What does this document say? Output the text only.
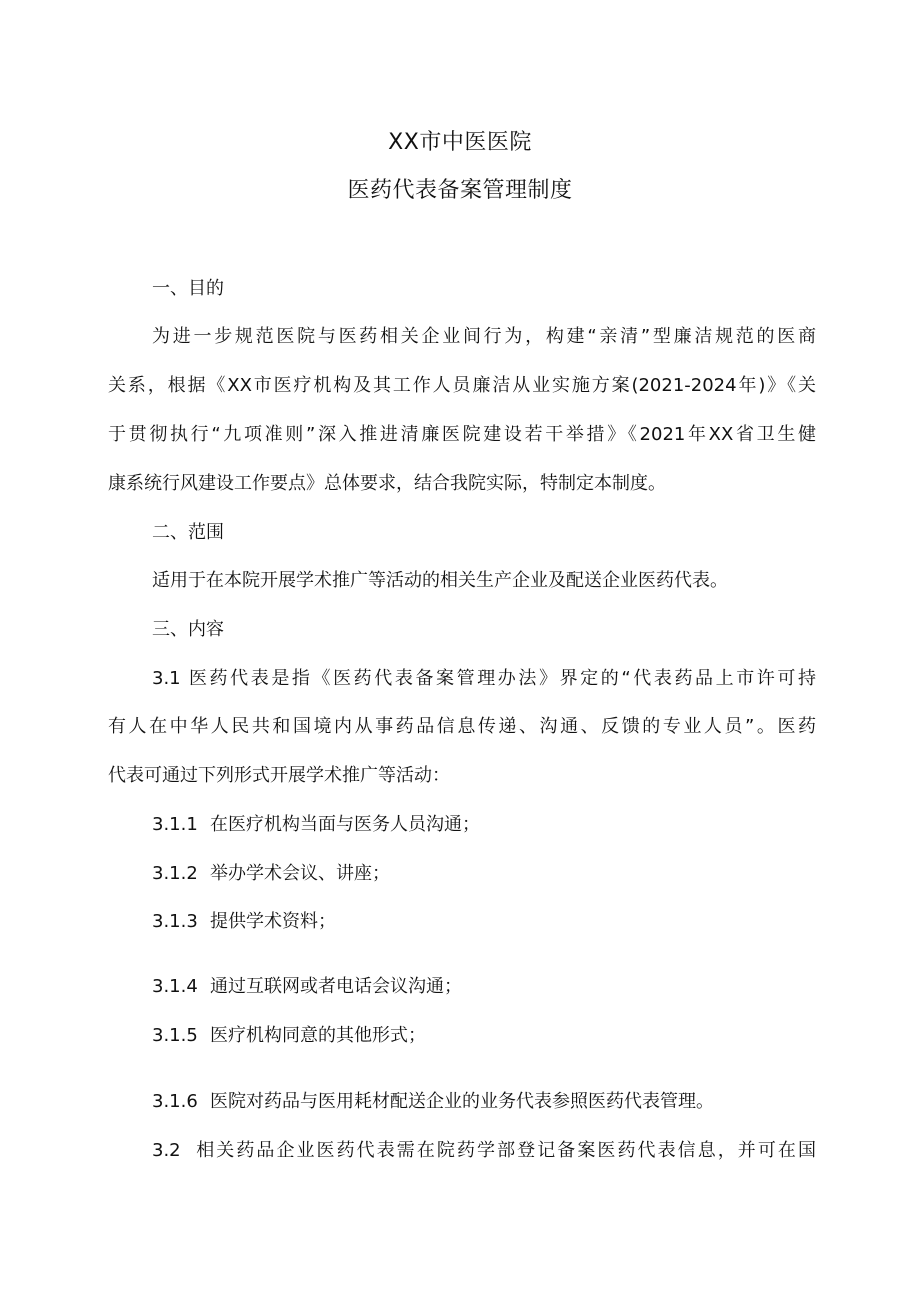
XX市中医医院
医药代表备案管理制度
一、目的
为进一步规范医院与医药相关企业间行为，构建“亲清”型廉洁规范的医商
关系，根据《XX市医疗机构及其工作人员廉洁从业实施方案(2021-2024年)》《关
于贯彻执行“九项准则”深入推进清廉医院建设若干举措》《2021年XX省卫生健
康系统行风建设工作要点》总体要求，结合我院实际，特制定本制度。
二、范围
适用于在本院开展学术推广等活动的相关生产企业及配送企业医药代表。
三、内容
3.1 医药代表是指《医药代表备案管理办法》界定的“代表药品上市许可持
有人在中华人民共和国境内从事药品信息传递、沟通、反馈的专业人员”。医药
代表可通过下列形式开展学术推广等活动：
3.1.1 在医疗机构当面与医务人员沟通；
3.1.2 举办学术会议、讲座；
3.1.3 提供学术资料；
3.1.4 通过互联网或者电话会议沟通；
3.1.5 医疗机构同意的其他形式；
3.1.6 医院对药品与医用耗材配送企业的业务代表参照医药代表管理。
3.2 相关药品企业医药代表需在院药学部登记备案医药代表信息，并可在国
